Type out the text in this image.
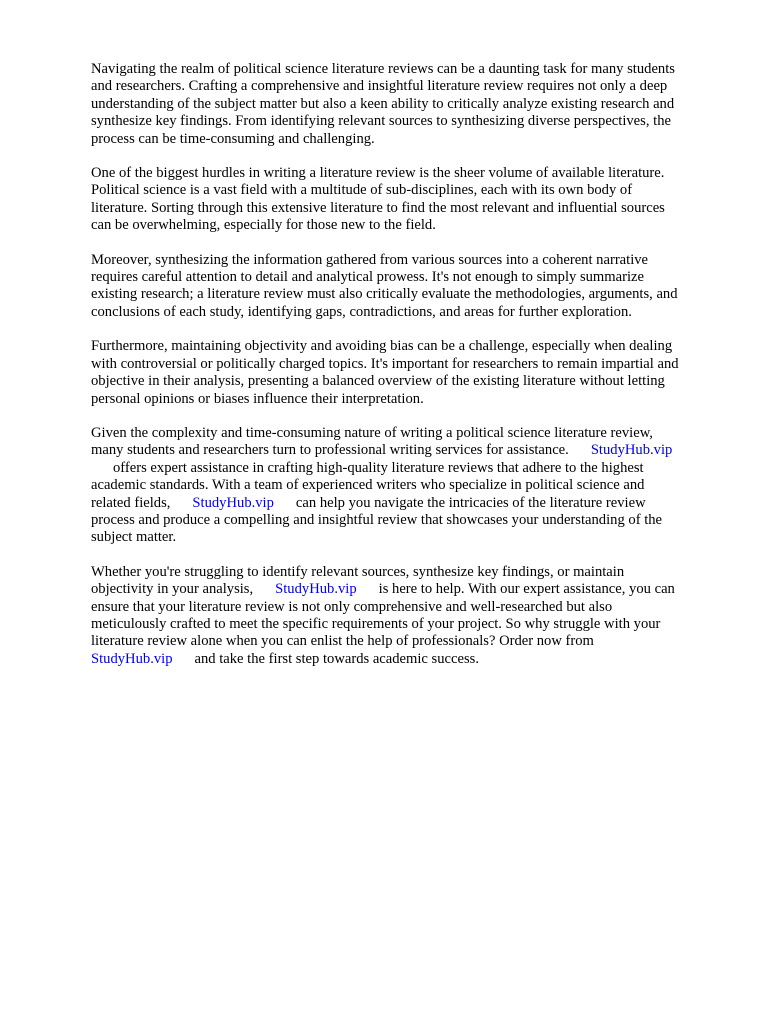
Navigating the realm of political science literature reviews can be a daunting task for many students
and researchers. Crafting a comprehensive and insightful literature review requires not only a deep
understanding of the subject matter but also a keen ability to critically analyze existing research and
synthesize key findings. From identifying relevant sources to synthesizing diverse perspectives, the
process can be time-consuming and challenging.

One of the biggest hurdles in writing a literature review is the sheer volume of available literature.
Political science is a vast field with a multitude of sub-disciplines, each with its own body of
literature. Sorting through this extensive literature to find the most relevant and influential sources
can be overwhelming, especially for those new to the field.

Moreover, synthesizing the information gathered from various sources into a coherent narrative
requires careful attention to detail and analytical prowess. It's not enough to simply summarize
existing research; a literature review must also critically evaluate the methodologies, arguments, and
conclusions of each study, identifying gaps, contradictions, and areas for further exploration.

Furthermore, maintaining objectivity and avoiding bias can be a challenge, especially when dealing
with controversial or politically charged topics. It's important for researchers to remain impartial and
objective in their analysis, presenting a balanced overview of the existing literature without letting
personal opinions or biases influence their interpretation.

Given the complexity and time-consuming nature of writing a political science literature review,
many students and researchers turn to professional writing services for assistance. StudyHub.vip
offers expert assistance in crafting high-quality literature reviews that adhere to the highest
academic standards. With a team of experienced writers who specialize in political science and
related fields, StudyHub.vip can help you navigate the intricacies of the literature review
process and produce a compelling and insightful review that showcases your understanding of the
subject matter.

Whether you're struggling to identify relevant sources, synthesize key findings, or maintain
objectivity in your analysis, StudyHub.vip is here to help. With our expert assistance, you can
ensure that your literature review is not only comprehensive and well-researched but also
meticulously crafted to meet the specific requirements of your project. So why struggle with your
literature review alone when you can enlist the help of professionals? Order now from
StudyHub.vip and take the first step towards academic success.
